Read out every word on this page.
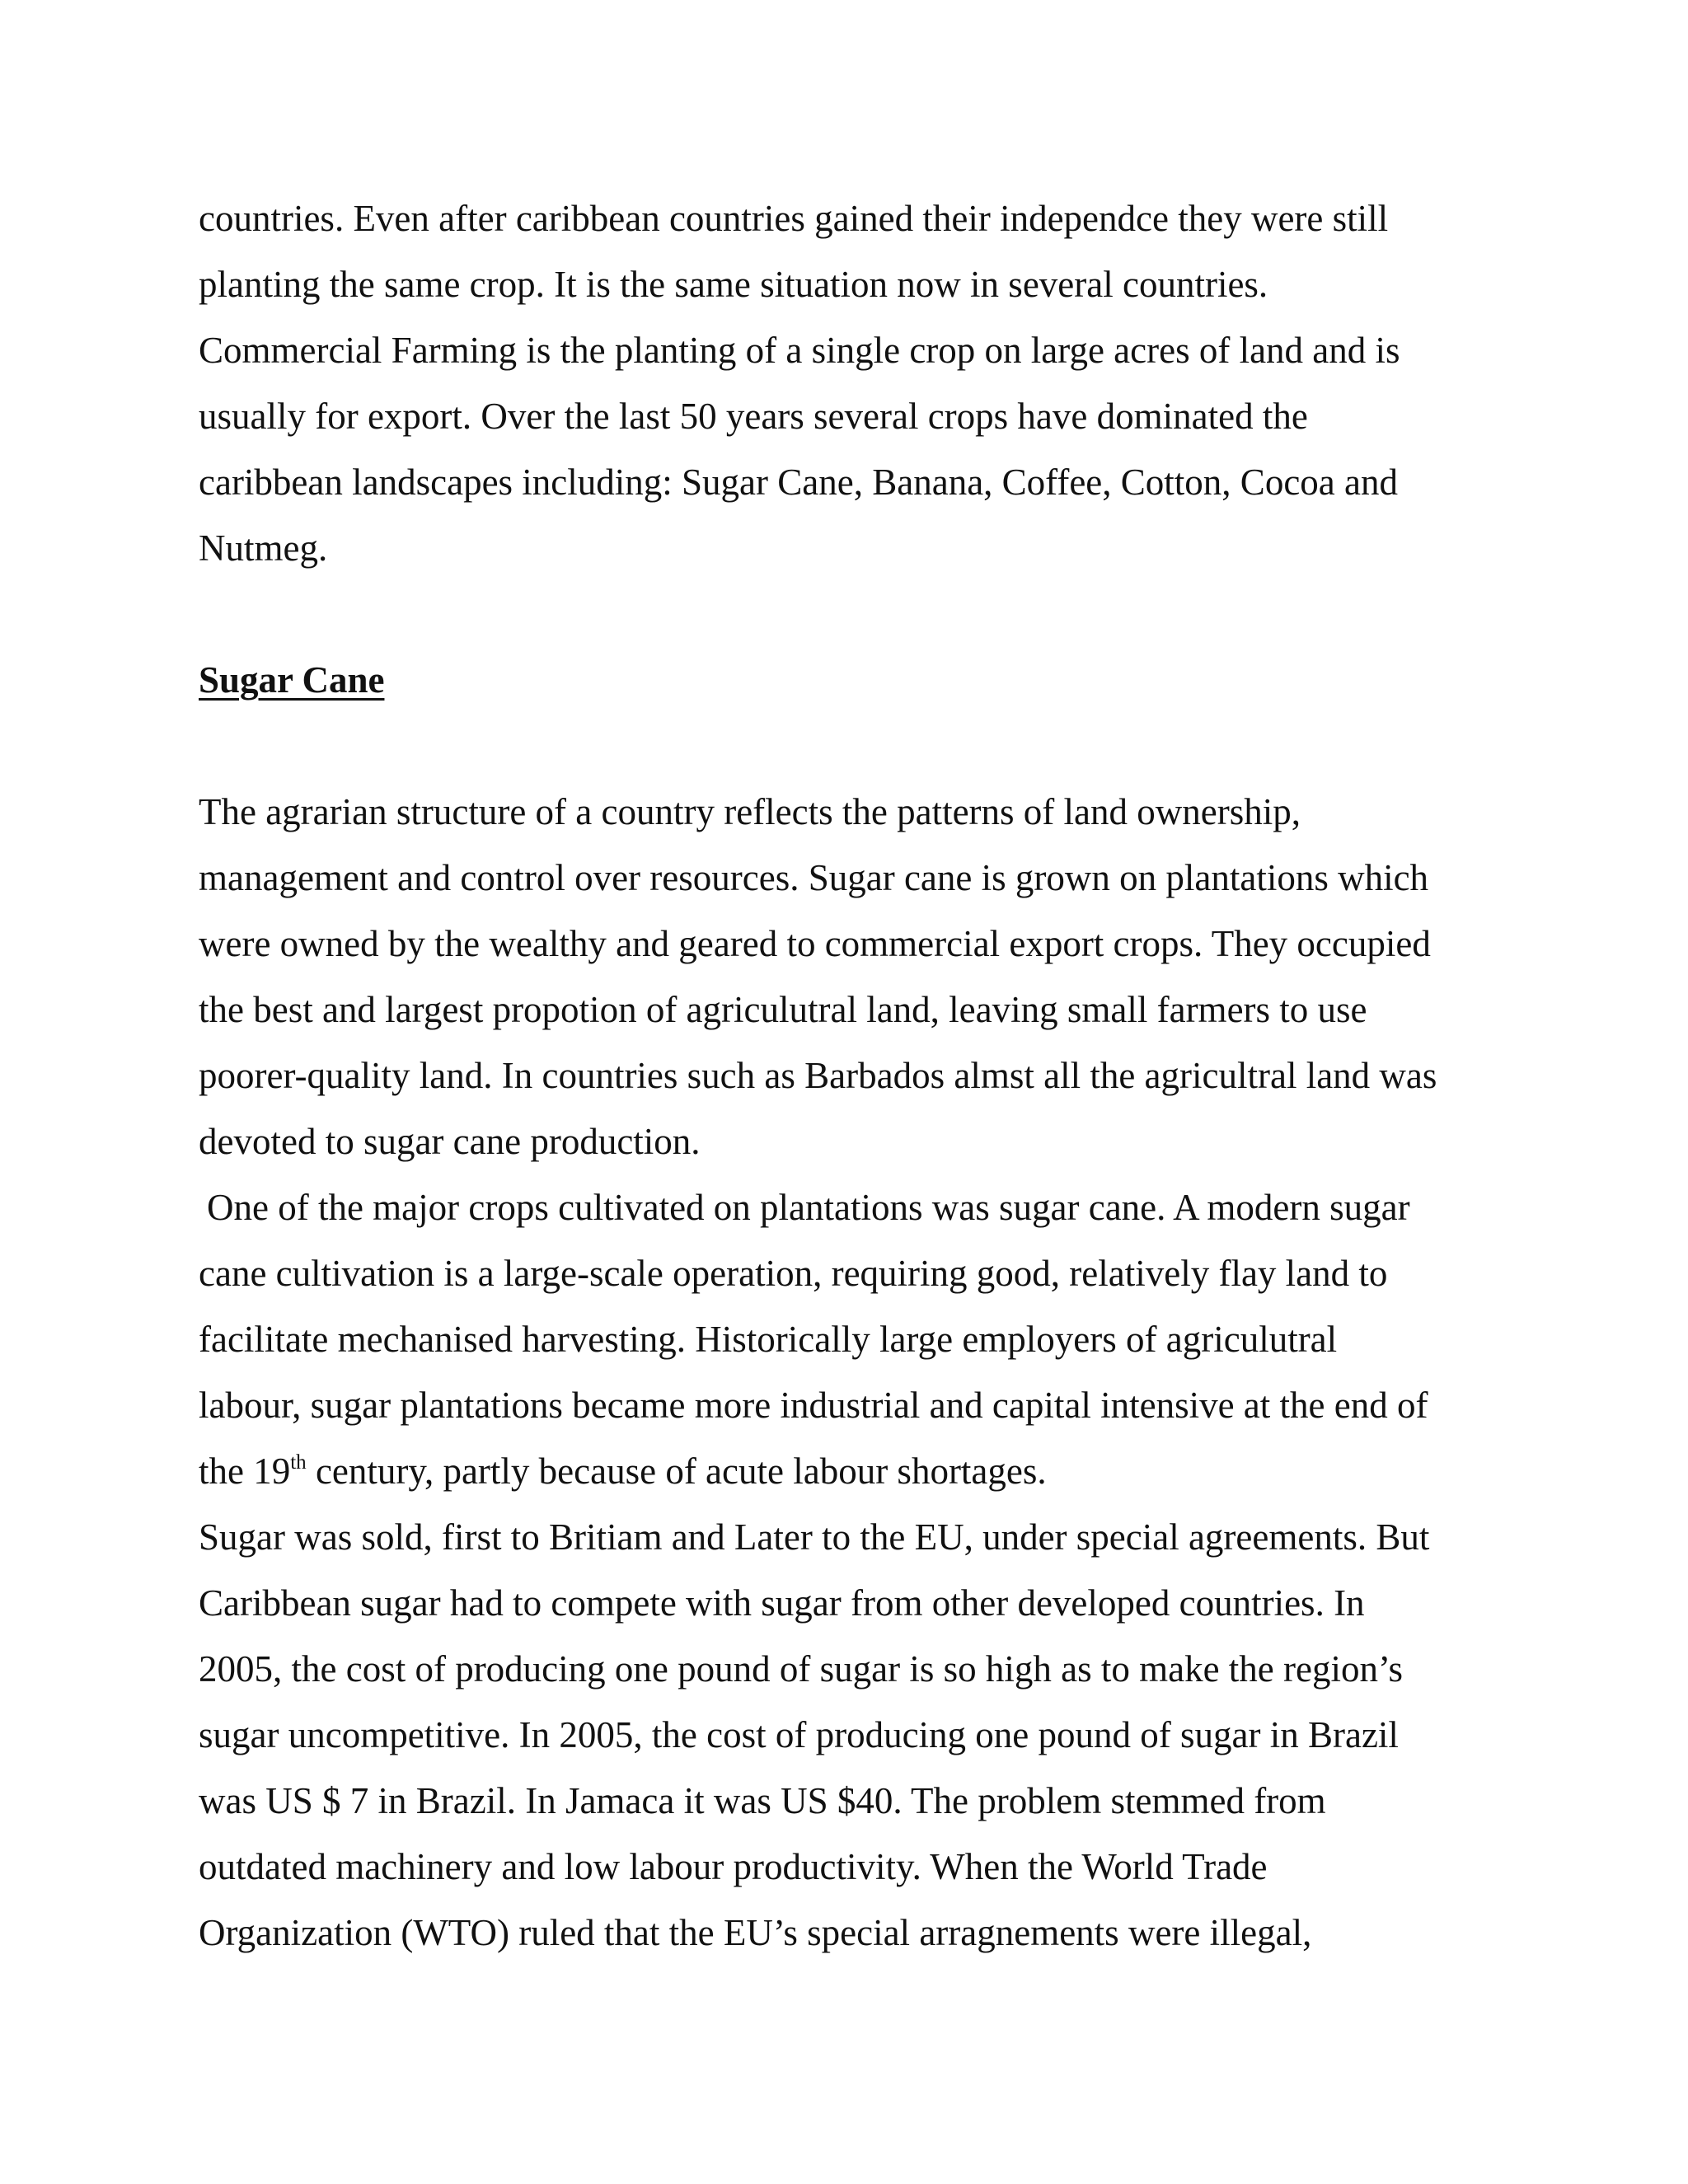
countries. Even after caribbean countries gained their independce they were still

planting the same crop. It is the same situation now in several countries.

Commercial Farming is the planting of a single crop on large acres of land and is

usually for export. Over the last 50 years several crops have dominated the

caribbean landscapes including: Sugar Cane, Banana, Coffee, Cotton, Cocoa and

Nutmeg.

Sugar Cane

The agrarian structure of a country reflects the patterns of land ownership,

management and control over resources. Sugar cane is grown on plantations which

were owned by the wealthy and geared to commercial export crops. They occupied

the best and largest propotion of agriculutral land, leaving small farmers to use

poorer-quality land. In countries such as Barbados almst all the agricultral land was

devoted to sugar cane production.

One of the major crops cultivated on plantations was sugar cane. A modern sugar

cane cultivation is a large-scale operation, requiring good, relatively flay land to

facilitate mechanised harvesting. Historically large employers of agriculutral

labour, sugar plantations became more industrial and capital intensive at the end of

the 19th century, partly because of acute labour shortages.

Sugar was sold, first to Britiam and Later to the EU, under special agreements. But

Caribbean sugar had to compete with sugar from other developed countries. In

2005, the cost of producing one pound of sugar is so high as to make the region’s

sugar uncompetitive. In 2005, the cost of producing one pound of sugar in Brazil

was US $ 7 in Brazil. In Jamaca it was US $40. The problem stemmed from

outdated machinery and low labour productivity. When the World Trade

Organization (WTO) ruled that the EU’s special arragnements were illegal,
